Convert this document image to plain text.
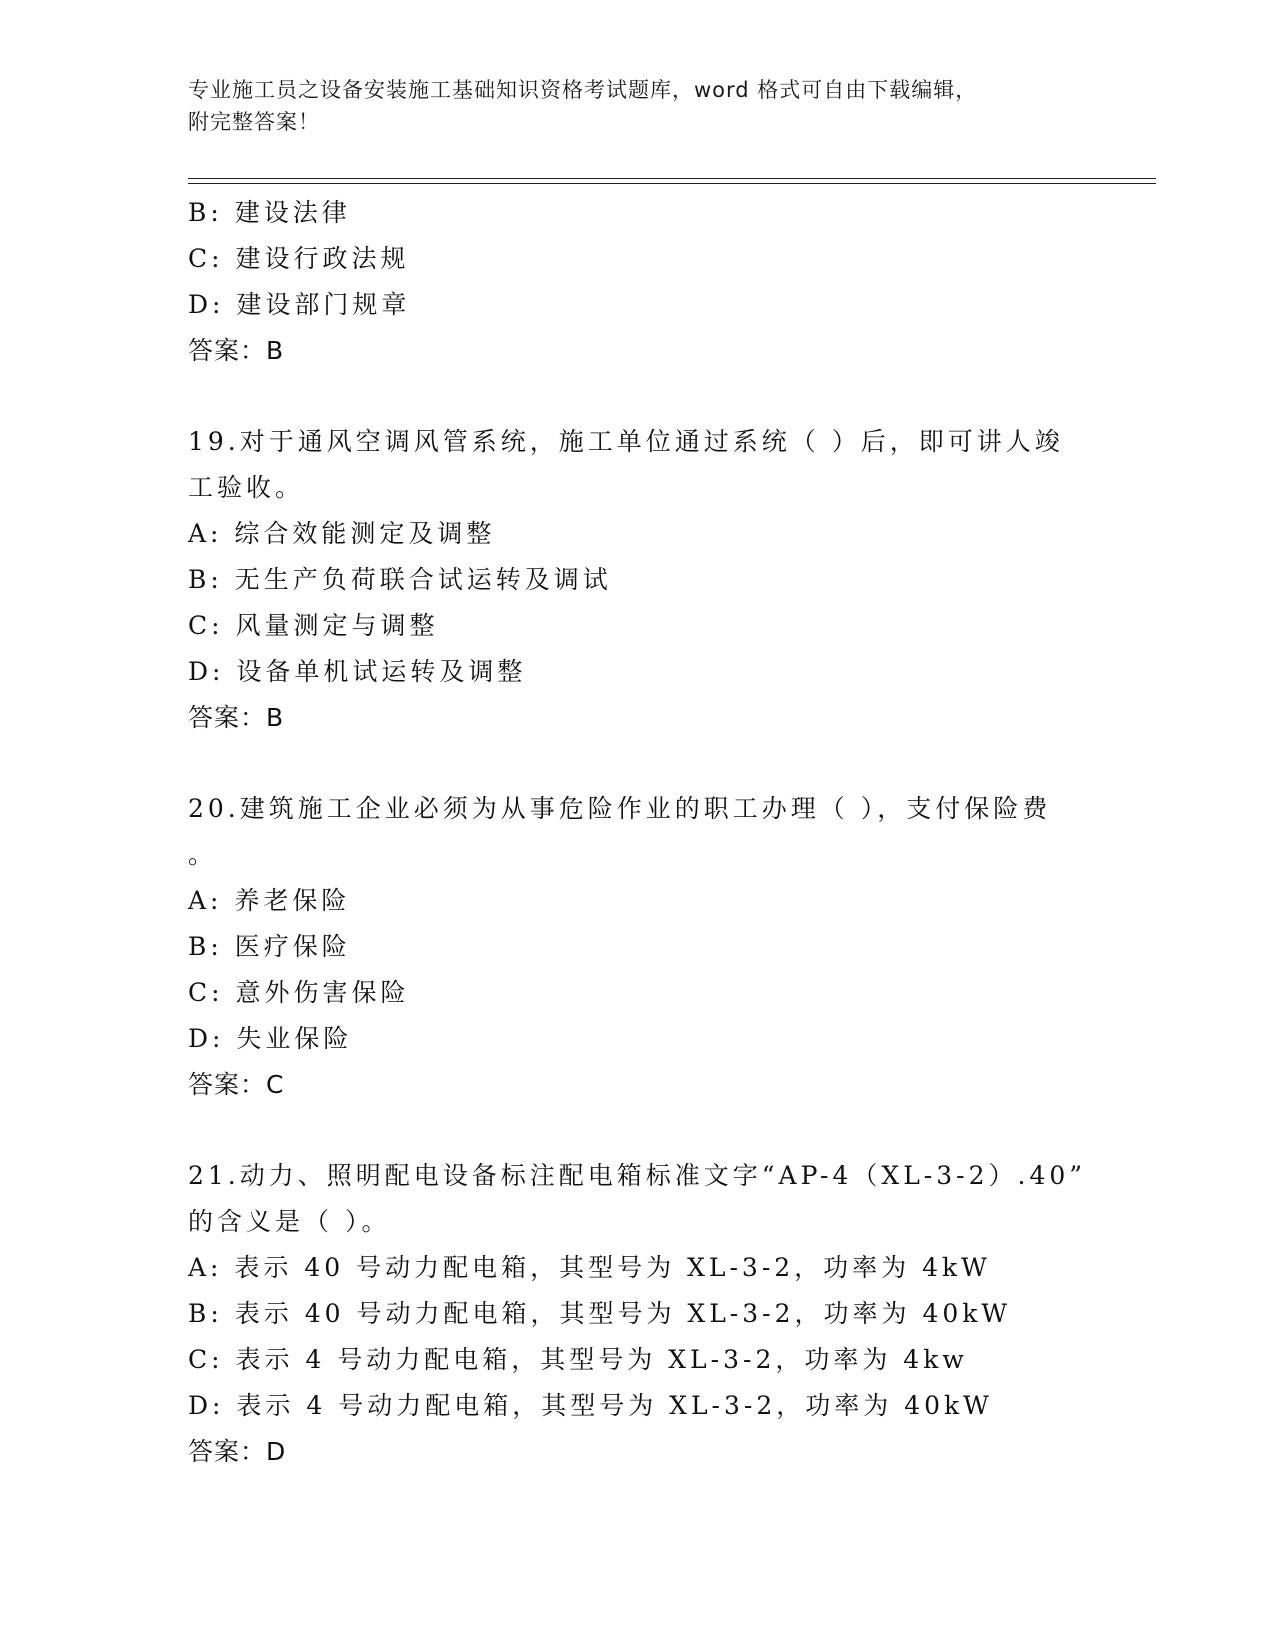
专业施工员之设备安装施工基础知识资格考试题库，word 格式可自由下载编辑，
附完整答案！
B: 建设法律
C: 建设行政法规
D: 建设部门规章
答案：B
19.对于通风空调风管系统，施工单位通过系统（ ）后，即可讲人竣
工验收。
A: 综合效能测定及调整
B: 无生产负荷联合试运转及调试
C: 风量测定与调整
D: 设备单机试运转及调整
答案：B
20.建筑施工企业必须为从事危险作业的职工办理（ ），支付保险费
。
A: 养老保险
B: 医疗保险
C: 意外伤害保险
D: 失业保险
答案：C
21.动力、照明配电设备标注配电箱标准文字“AP-4（XL-3-2）.40”
的含义是（ ）。
A: 表示 40 号动力配电箱，其型号为 XL-3-2，功率为 4kW
B: 表示 40 号动力配电箱，其型号为 XL-3-2，功率为 40kW
C: 表示 4 号动力配电箱，其型号为 XL-3-2，功率为 4kw
D: 表示 4 号动力配电箱，其型号为 XL-3-2，功率为 40kW
答案：D
